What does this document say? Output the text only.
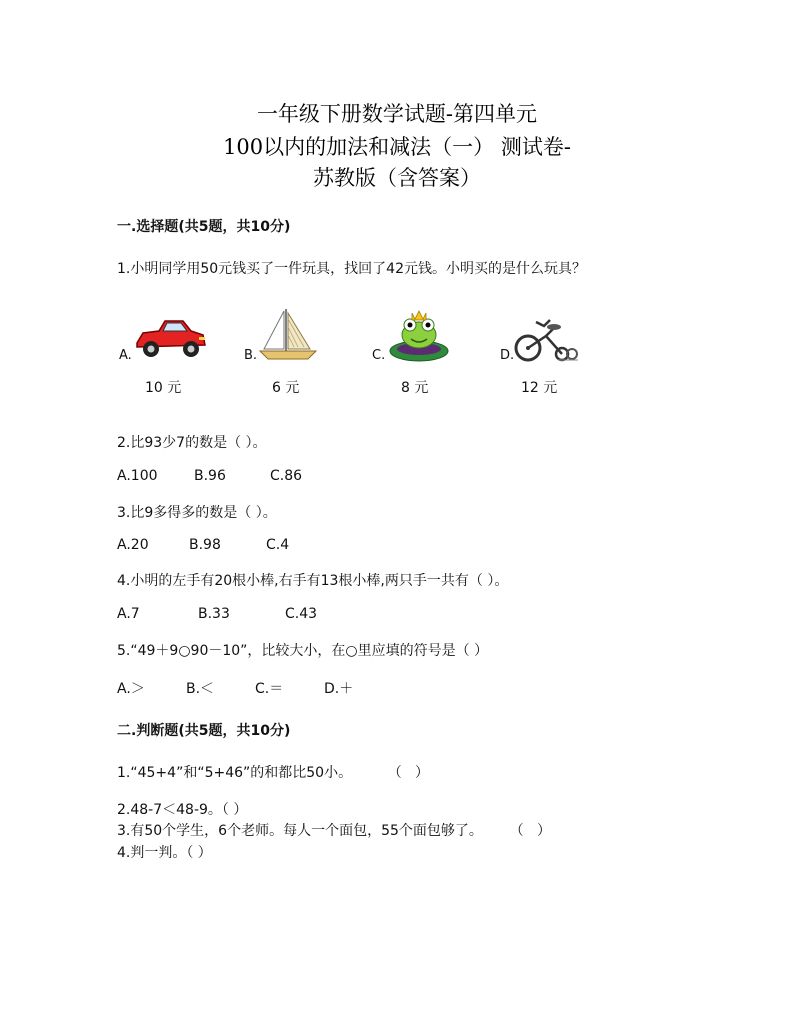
一年级下册数学试题-第四单元
100以内的加法和减法（一） 测试卷-
苏教版（含答案）
一.选择题(共5题，共10分)
1.小明同学用50元钱买了一件玩具，找回了42元钱。小明买的是什么玩具？
A.
10 元
B.
6 元
C.
8 元
D.
12 元
2.比93少7的数是（ ）。
A.100	B.96	C.86
3.比9多得多的数是（ ）。
A.20	B.98	C.4
4.小明的左手有20根小棒,右手有13根小棒,两只手一共有（ ）。
A.7	B.33	C.43
5.“49＋9○90－10”，比较大小，在○里应填的符号是（ ）
A.＞	B.＜	C.＝	D.＋
二.判断题(共5题，共10分)
1.“45+4”和“5+46”的和都比50小。        （   ）
2.48-7＜48-9。（ ）
3.有50个学生，6个老师。每人一个面包，55个面包够了。      （   ）
4.判一判。（ ）
